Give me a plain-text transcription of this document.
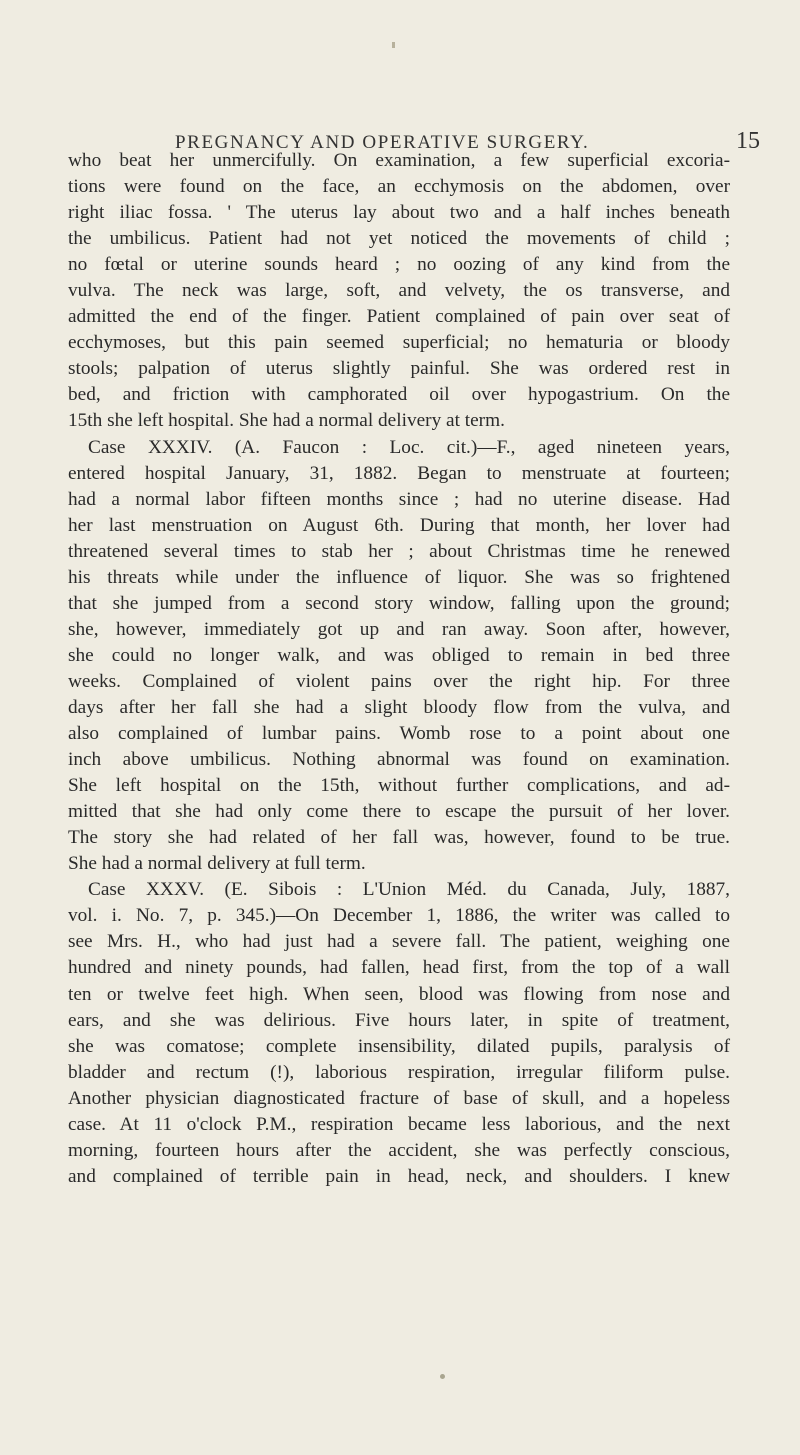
PREGNANCY AND OPERATIVE SURGERY.	15
who beat her unmercifully. On examination, a few superficial excoria-
tions were found on the face, an ecchymosis on the abdomen, over
right iliac fossa. ' The uterus lay about two and a half inches beneath
the umbilicus. Patient had not yet noticed the movements of child ;
no fœtal or uterine sounds heard ; no oozing of any kind from the
vulva. The neck was large, soft, and velvety, the os transverse, and
admitted the end of the finger. Patient complained of pain over seat of
ecchymoses, but this pain seemed superficial; no hematuria or bloody
stools; palpation of uterus slightly painful. She was ordered rest in
bed, and friction with camphorated oil over hypogastrium. On the
15th she left hospital. She had a normal delivery at term.
Case XXXIV. (A. Faucon : Loc. cit.)—F., aged nineteen years,
entered hospital January, 31, 1882. Began to menstruate at fourteen;
had a normal labor fifteen months since ; had no uterine disease. Had
her last menstruation on August 6th. During that month, her lover had
threatened several times to stab her ; about Christmas time he renewed
his threats while under the influence of liquor. She was so frightened
that she jumped from a second story window, falling upon the ground;
she, however, immediately got up and ran away. Soon after, however,
she could no longer walk, and was obliged to remain in bed three
weeks. Complained of violent pains over the right hip. For three
days after her fall she had a slight bloody flow from the vulva, and
also complained of lumbar pains. Womb rose to a point about one
inch above umbilicus. Nothing abnormal was found on examination.
She left hospital on the 15th, without further complications, and ad-
mitted that she had only come there to escape the pursuit of her lover.
The story she had related of her fall was, however, found to be true.
She had a normal delivery at full term.
Case XXXV. (E. Sibois : L'Union Méd. du Canada, July, 1887,
vol. i. No. 7, p. 345.)—On December 1, 1886, the writer was called to
see Mrs. H., who had just had a severe fall. The patient, weighing one
hundred and ninety pounds, had fallen, head first, from the top of a wall
ten or twelve feet high. When seen, blood was flowing from nose and
ears, and she was delirious. Five hours later, in spite of treatment,
she was comatose; complete insensibility, dilated pupils, paralysis of
bladder and rectum (!), laborious respiration, irregular filiform pulse.
Another physician diagnosticated fracture of base of skull, and a hopeless
case. At 11 o'clock P.M., respiration became less laborious, and the next
morning, fourteen hours after the accident, she was perfectly conscious,
and complained of terrible pain in head, neck, and shoulders. I knew
